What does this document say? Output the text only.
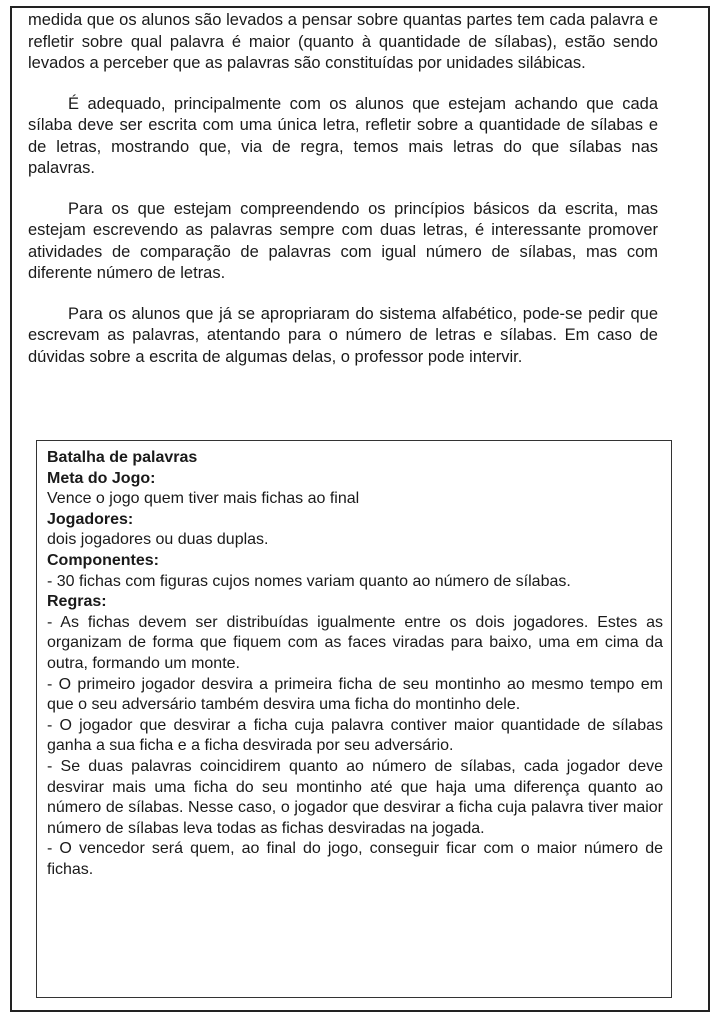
medida que os alunos são levados a pensar sobre quantas partes tem cada palavra e refletir sobre qual palavra é maior (quanto à quantidade de sílabas), estão sendo levados a perceber que as palavras são constituídas por unidades silábicas.

É adequado, principalmente com os alunos que estejam achando que cada sílaba deve ser escrita com uma única letra, refletir sobre a quantidade de sílabas e de letras, mostrando que, via de regra, temos mais letras do que sílabas nas palavras.

Para os que estejam compreendendo os princípios básicos da escrita, mas estejam escrevendo as palavras sempre com duas letras, é interessante promover atividades de comparação de palavras com igual número de sílabas, mas com diferente número de letras.

Para os alunos que já se apropriaram do sistema alfabético, pode-se pedir que escrevam as palavras, atentando para o número de letras e sílabas. Em caso de dúvidas sobre a escrita de algumas delas, o professor pode intervir.

Batalha de palavras

Meta do Jogo:

Vence o jogo quem tiver mais fichas ao final

Jogadores:

dois jogadores ou duas duplas.

Componentes:

- 30 fichas com figuras cujos nomes variam quanto ao número de sílabas.

Regras:

- As fichas devem ser distribuídas igualmente entre os dois jogadores. Estes as organizam de forma que fiquem com as faces viradas para baixo, uma em cima da outra, formando um monte.

- O primeiro jogador desvira a primeira ficha de seu montinho ao mesmo tempo em que o seu adversário também desvira uma ficha do montinho dele.

- O jogador que desvirar a ficha cuja palavra contiver maior quantidade de sílabas ganha a sua ficha e a ficha desvirada por seu adversário.

- Se duas palavras coincidirem quanto ao número de sílabas, cada jogador deve desvirar mais uma ficha do seu montinho até que haja uma diferença quanto ao número de sílabas. Nesse caso, o jogador que desvirar a ficha cuja palavra tiver maior número de sílabas leva todas as fichas desviradas na jogada.

- O vencedor será quem, ao final do jogo, conseguir ficar com o maior número de fichas.
